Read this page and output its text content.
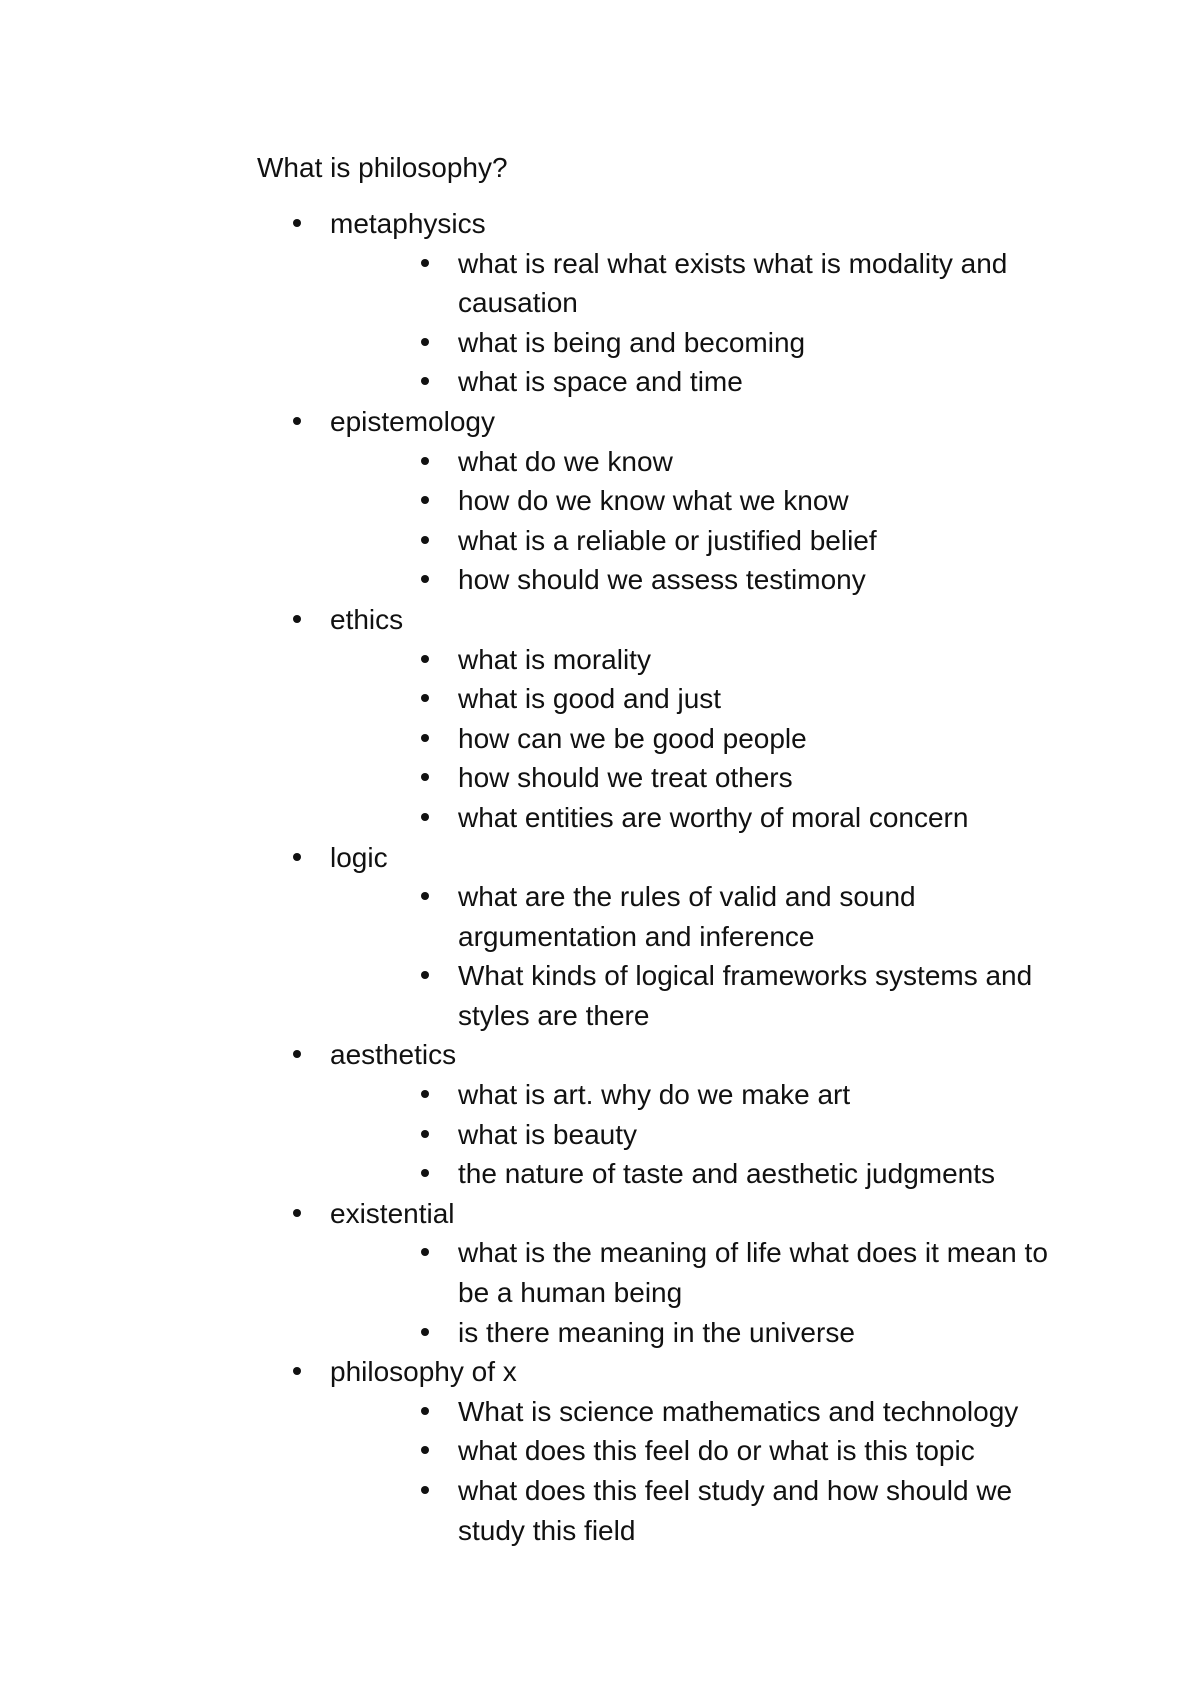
What is philosophy?
metaphysics
what is real what exists what is modality and causation
what is being and becoming
what is space and time
epistemology
what do we know
how do we know what we know
what is a reliable or justified belief
how should we assess testimony
ethics
what is morality
what is good and just
how can we be good people
how should we treat others
what entities are worthy of moral concern
logic
what are the rules of valid and sound argumentation and inference
What kinds of logical frameworks systems and styles are there
aesthetics
what is art. why do we make art
what is beauty
the nature of taste and aesthetic judgments
existential
what is the meaning of life what does it mean to be a human being
is there meaning in the universe
philosophy of x
What is science mathematics and technology
what does this feel do or what is this topic
what does this feel study and how should we study this field
